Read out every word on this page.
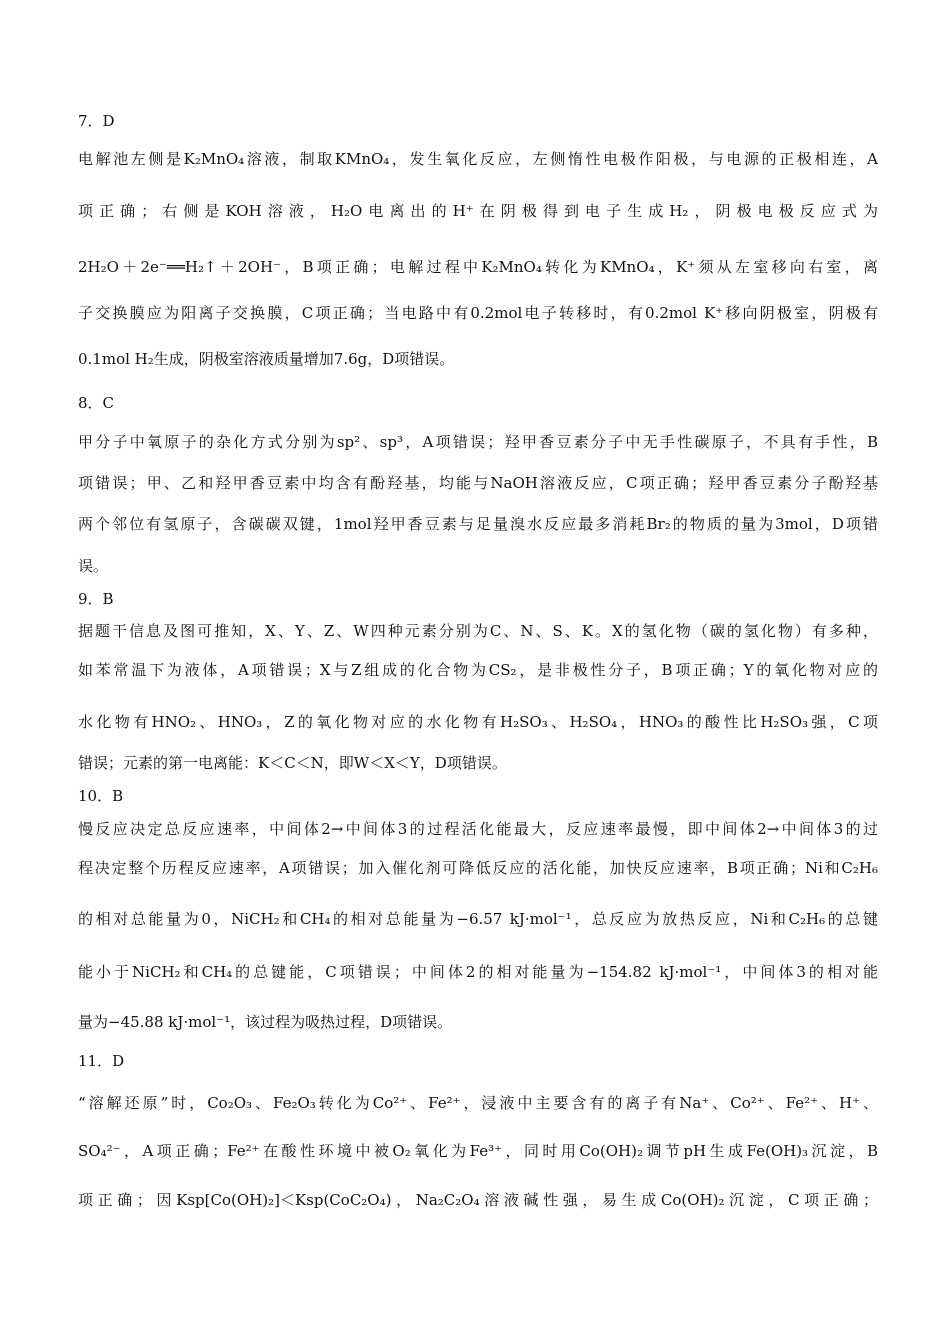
7．D
电解池左侧是K₂MnO₄溶液，制取KMnO₄，发生氧化反应，左侧惰性电极作阳极，与电源的正极相连，A
项正确；右侧是KOH溶液，H₂O电离出的H⁺在阴极得到电子生成H₂，阴极电极反应式为
2H₂O＋2e⁻══H₂↑＋2OH⁻，B项正确；电解过程中K₂MnO₄转化为KMnO₄，K⁺须从左室移向右室，离
子交换膜应为阳离子交换膜，C项正确；当电路中有0.2mol电子转移时，有0.2mol K⁺移向阴极室，阴极有
0.1mol H₂生成，阴极室溶液质量增加7.6g，D项错误。
8．C
甲分子中氧原子的杂化方式分别为sp²、sp³，A项错误；羟甲香豆素分子中无手性碳原子，不具有手性，B
项错误；甲、乙和羟甲香豆素中均含有酚羟基，均能与NaOH溶液反应，C项正确；羟甲香豆素分子酚羟基
两个邻位有氢原子，含碳碳双键，1mol羟甲香豆素与足量溴水反应最多消耗Br₂的物质的量为3mol，D项错
误。
9．B
据题干信息及图可推知，X、Y、Z、W四种元素分别为C、N、S、K。X的氢化物（碳的氢化物）有多种，
如苯常温下为液体，A项错误；X与Z组成的化合物为CS₂，是非极性分子，B项正确；Y的氧化物对应的
水化物有HNO₂、HNO₃，Z的氧化物对应的水化物有H₂SO₃、H₂SO₄，HNO₃的酸性比H₂SO₃强，C项
错误；元素的第一电离能：K＜C＜N，即W＜X＜Y，D项错误。
10．B
慢反应决定总反应速率，中间体2→中间体3的过程活化能最大，反应速率最慢，即中间体2→中间体3的过
程决定整个历程反应速率，A项错误；加入催化剂可降低反应的活化能，加快反应速率，B项正确；Ni和C₂H₆
的相对总能量为0，NiCH₂和CH₄的相对总能量为−6.57 kJ·mol⁻¹，总反应为放热反应，Ni和C₂H₆的总键
能小于NiCH₂和CH₄的总键能，C项错误；中间体2的相对能量为−154.82 kJ·mol⁻¹，中间体3的相对能
量为−45.88 kJ·mol⁻¹，该过程为吸热过程，D项错误。
11．D
“溶解还原”时，Co₂O₃、Fe₂O₃转化为Co²⁺、Fe²⁺，浸液中主要含有的离子有Na⁺、Co²⁺、Fe²⁺、H⁺、
SO₄²⁻，A项正确；Fe²⁺在酸性环境中被O₂氧化为Fe³⁺，同时用Co(OH)₂调节pH生成Fe(OH)₃沉淀，B
项正确；因Ksp[Co(OH)₂]＜Ksp(CoC₂O₄)，Na₂C₂O₄溶液碱性强，易生成Co(OH)₂沉淀，C项正确；
